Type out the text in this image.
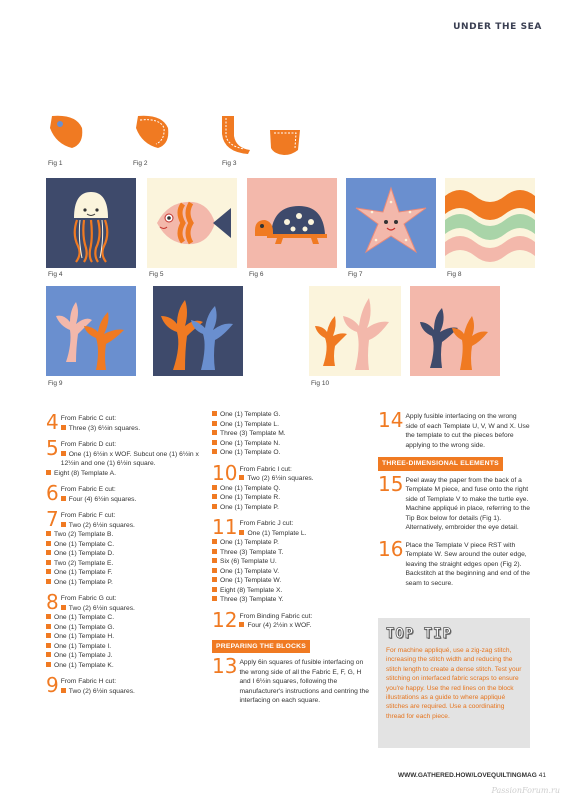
UNDER THE SEA
Fig 1	Fig 2	Fig 3
Fig 4	Fig 5	Fig 6	Fig 7	Fig 8
Fig 9	Fig 10
4 From Fabric C cut:
Three (3) 6½in squares.
5 From Fabric D cut:
One (1) 6½in x WOF. Subcut one (1) 6½in x 12½in and one (1) 6½in square.
Eight (8) Template A.
6 From Fabric E cut:
Four (4) 6½in squares.
7 From Fabric F cut:
Two (2) 6½in squares.
Two (2) Template B.
One (1) Template C.
One (1) Template D.
Two (2) Template E.
One (1) Template F.
One (1) Template P.
8 From Fabric G cut:
Two (2) 6½in squares.
One (1) Template C.
One (1) Template G.
One (1) Template H.
One (1) Template I.
One (1) Template J.
One (1) Template K.
9 From Fabric H cut:
Two (2) 6½in squares.
One (1) Template G.
One (1) Template L.
Three (3) Template M.
One (1) Template N.
One (1) Template O.
10 From Fabric I cut:
Two (2) 6½in squares.
One (1) Template Q.
One (1) Template R.
One (1) Template P.
11 From Fabric J cut:
One (1) Template L.
One (1) Template P.
Three (3) Template T.
Six (6) Template U.
One (1) Template V.
One (1) Template W.
Eight (8) Template X.
Three (3) Template Y.
12 From Binding Fabric cut:
Four (4) 2½in x WOF.
PREPARING THE BLOCKS
13 Apply 6in squares of fusible interfacing on the wrong side of all the Fabric E, F, G, H and I 6½in squares, following the manufacturer's instructions and centring the interfacing on each square.
14 Apply fusible interfacing on the wrong side of each Template U, V, W and X. Use the template to cut the pieces before applying to the wrong side.
THREE-DIMENSIONAL ELEMENTS
15 Peel away the paper from the back of a Template M piece, and fuse onto the right side of Template V to make the turtle eye. Machine appliqué in place, referring to the Tip Box below for details (Fig 1). Alternatively, embroider the eye detail.
16 Place the Template V piece RST with Template W. Sew around the outer edge, leaving the straight edges open (Fig 2). Backstitch at the beginning and end of the seam to secure.
TOP TIP
For machine appliqué, use a zig-zag stitch, increasing the stitch width and reducing the stitch length to create a dense stitch. Test your stitching on interfaced fabric scraps to ensure you're happy. Use the red lines on the block illustrations as a guide to where appliqué stitches are required. Use a coordinating thread for each piece.
WWW.GATHERED.HOW/LOVEQUILTINGMAG 41
PassionForum.ru
